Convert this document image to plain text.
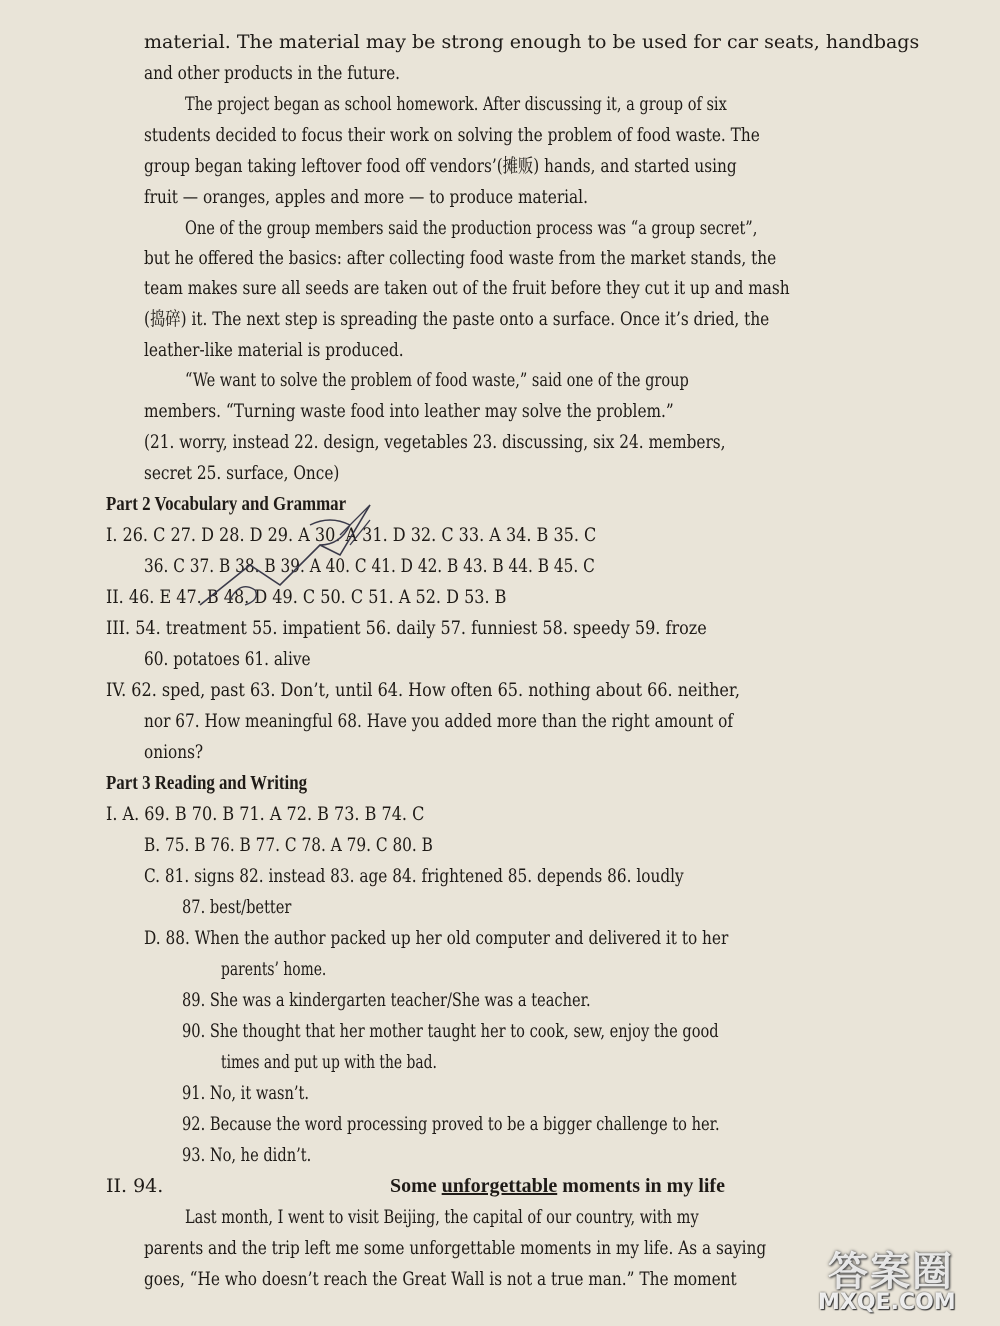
material. The material may be strong enough to be used for car seats, handbags
and other products in the future.
The project began as school homework. After discussing it, a group of six
students decided to focus their work on solving the problem of food waste. The
group began taking leftover food off vendors’(摊贩) hands, and started using
fruit — oranges, apples and more — to produce material.
One of the group members said the production process was “a group secret”,
but he offered the basics: after collecting food waste from the market stands, the
team makes sure all seeds are taken out of the fruit before they cut it up and mash
(捣碎) it. The next step is spreading the paste onto a surface. Once it’s dried, the
leather-like material is produced.
“We want to solve the problem of food waste,” said one of the group
members. “Turning waste food into leather may solve the problem.”
(21. worry, instead 22. design, vegetables 23. discussing, six 24. members,
secret 25. surface, Once)
Part 2 Vocabulary and Grammar
I. 26. C 27. D 28. D 29. A 30. A 31. D 32. C 33. A 34. B 35. C
36. C 37. B 38. B 39. A 40. C 41. D 42. B 43. B 44. B 45. C
II. 46. E 47. B 48. D 49. C 50. C 51. A 52. D 53. B
III. 54. treatment 55. impatient 56. daily 57. funniest 58. speedy 59. froze
60. potatoes 61. alive
IV. 62. sped, past 63. Don’t, until 64. How often 65. nothing about 66. neither,
nor 67. How meaningful 68. Have you added more than the right amount of
onions?
Part 3 Reading and Writing
I. A. 69. B 70. B 71. A 72. B 73. B 74. C
B. 75. B 76. B 77. C 78. A 79. C 80. B
C. 81. signs 82. instead 83. age 84. frightened 85. depends 86. loudly
87. best/better
D. 88. When the author packed up her old computer and delivered it to her
parents’ home.
89. She was a kindergarten teacher/She was a teacher.
90. She thought that her mother taught her to cook, sew, enjoy the good
times and put up with the bad.
91. No, it wasn’t.
92. Because the word processing proved to be a bigger challenge to her.
93. No, he didn’t.
II. 94.	Some unforgettable moments in my life
Last month, I went to visit Beijing, the capital of our country, with my
parents and the trip left me some unforgettable moments in my life. As a saying
goes, “He who doesn’t reach the Great Wall is not a true man.” The moment	答案圈
MXQE.COM
